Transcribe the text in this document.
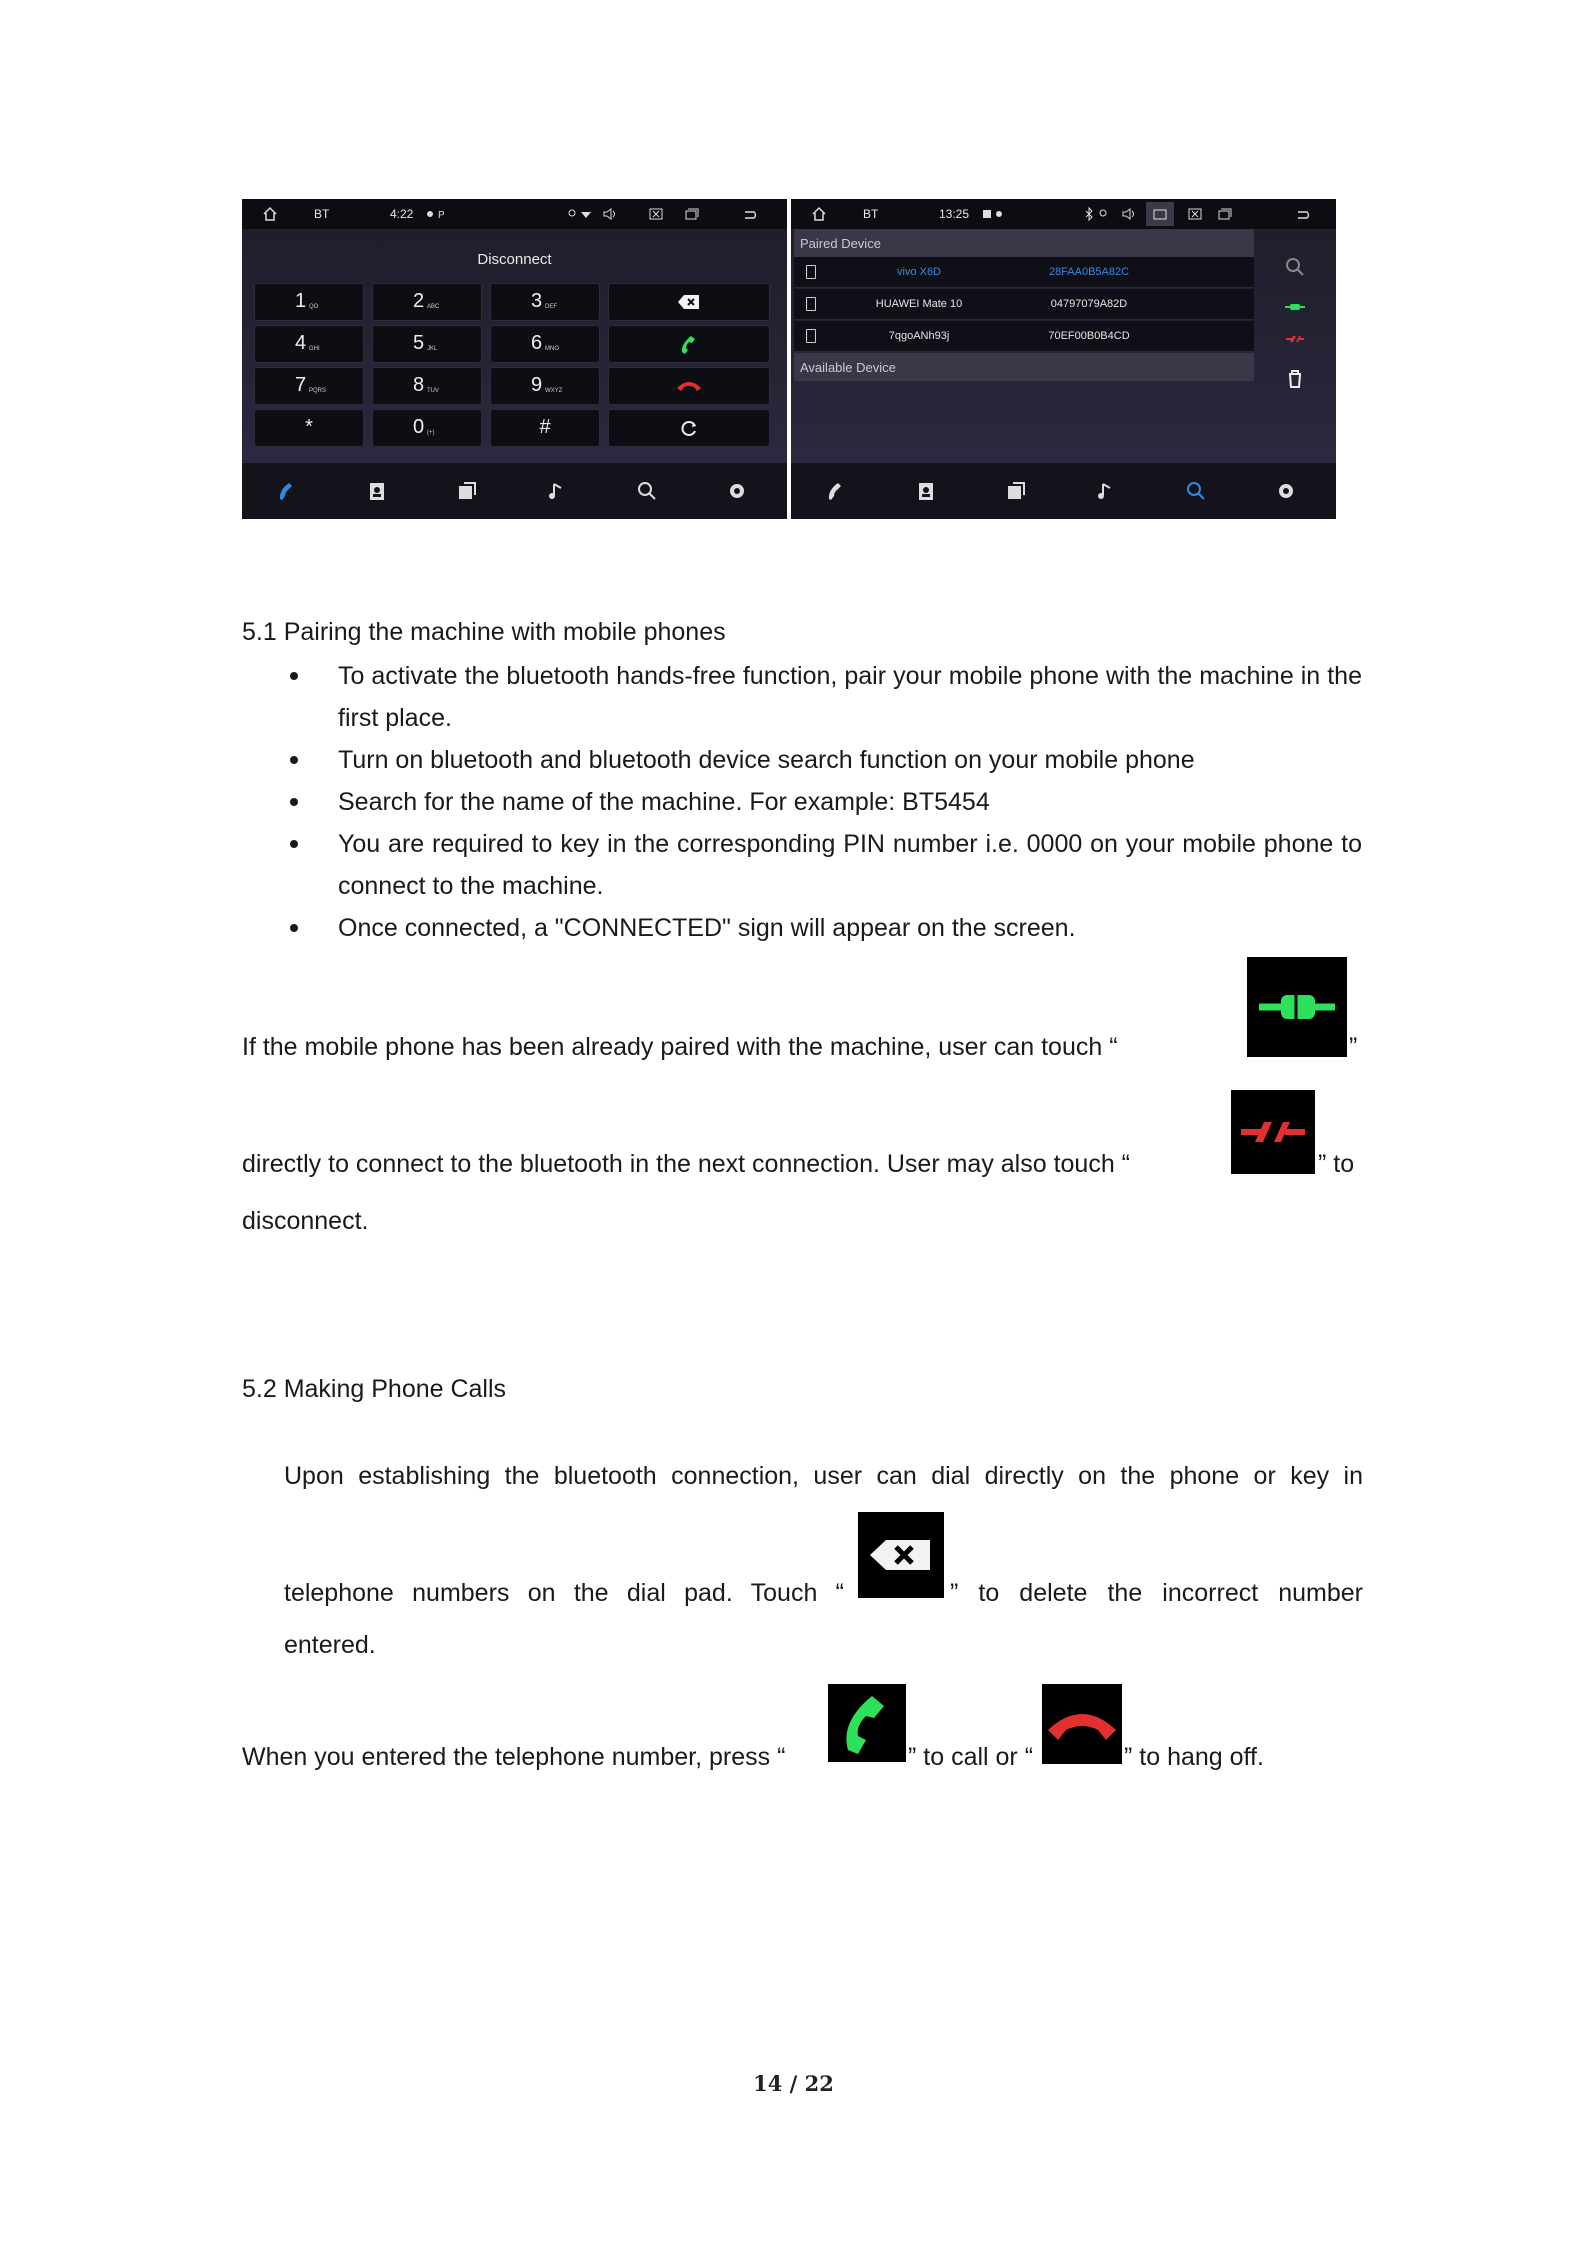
BT	4:22 P
Disconnect
1 QO	2 ABC	3 DEF
4 GHI	5 JKL	6 MNO
7 PQRS	8 TUV	9 WXYZ
*	0 (+)	#
BT	13:25
Paired Device
vivo X6D	28FAA0B5A82C
HUAWEI Mate 10	04797079A82D
7qgoANh93j	70EF00B0B4CD
Available Device
5.1 Pairing the machine with mobile phones
To activate the bluetooth hands-free function, pair your mobile phone with the machine in the first place.
Turn on bluetooth and bluetooth device search function on your mobile phone
Search for the name of the machine. For example: BT5454
You are required to key in the corresponding PIN number i.e. 0000 on your mobile phone to connect to the machine.
Once connected, a "CONNECTED" sign will appear on the screen.
If the mobile phone has been already paired with the machine, user can touch “	”
directly to connect to the bluetooth in the next connection. User may also touch “	” to
disconnect.
5.2 Making Phone Calls
Upon establishing the bluetooth connection, user can dial directly on the phone or key in
telephone numbers on the dial pad. Touch “	” to delete the incorrect number
entered.
When you entered the telephone number, press “	” to call or “	” to hang off.
14 / 22
